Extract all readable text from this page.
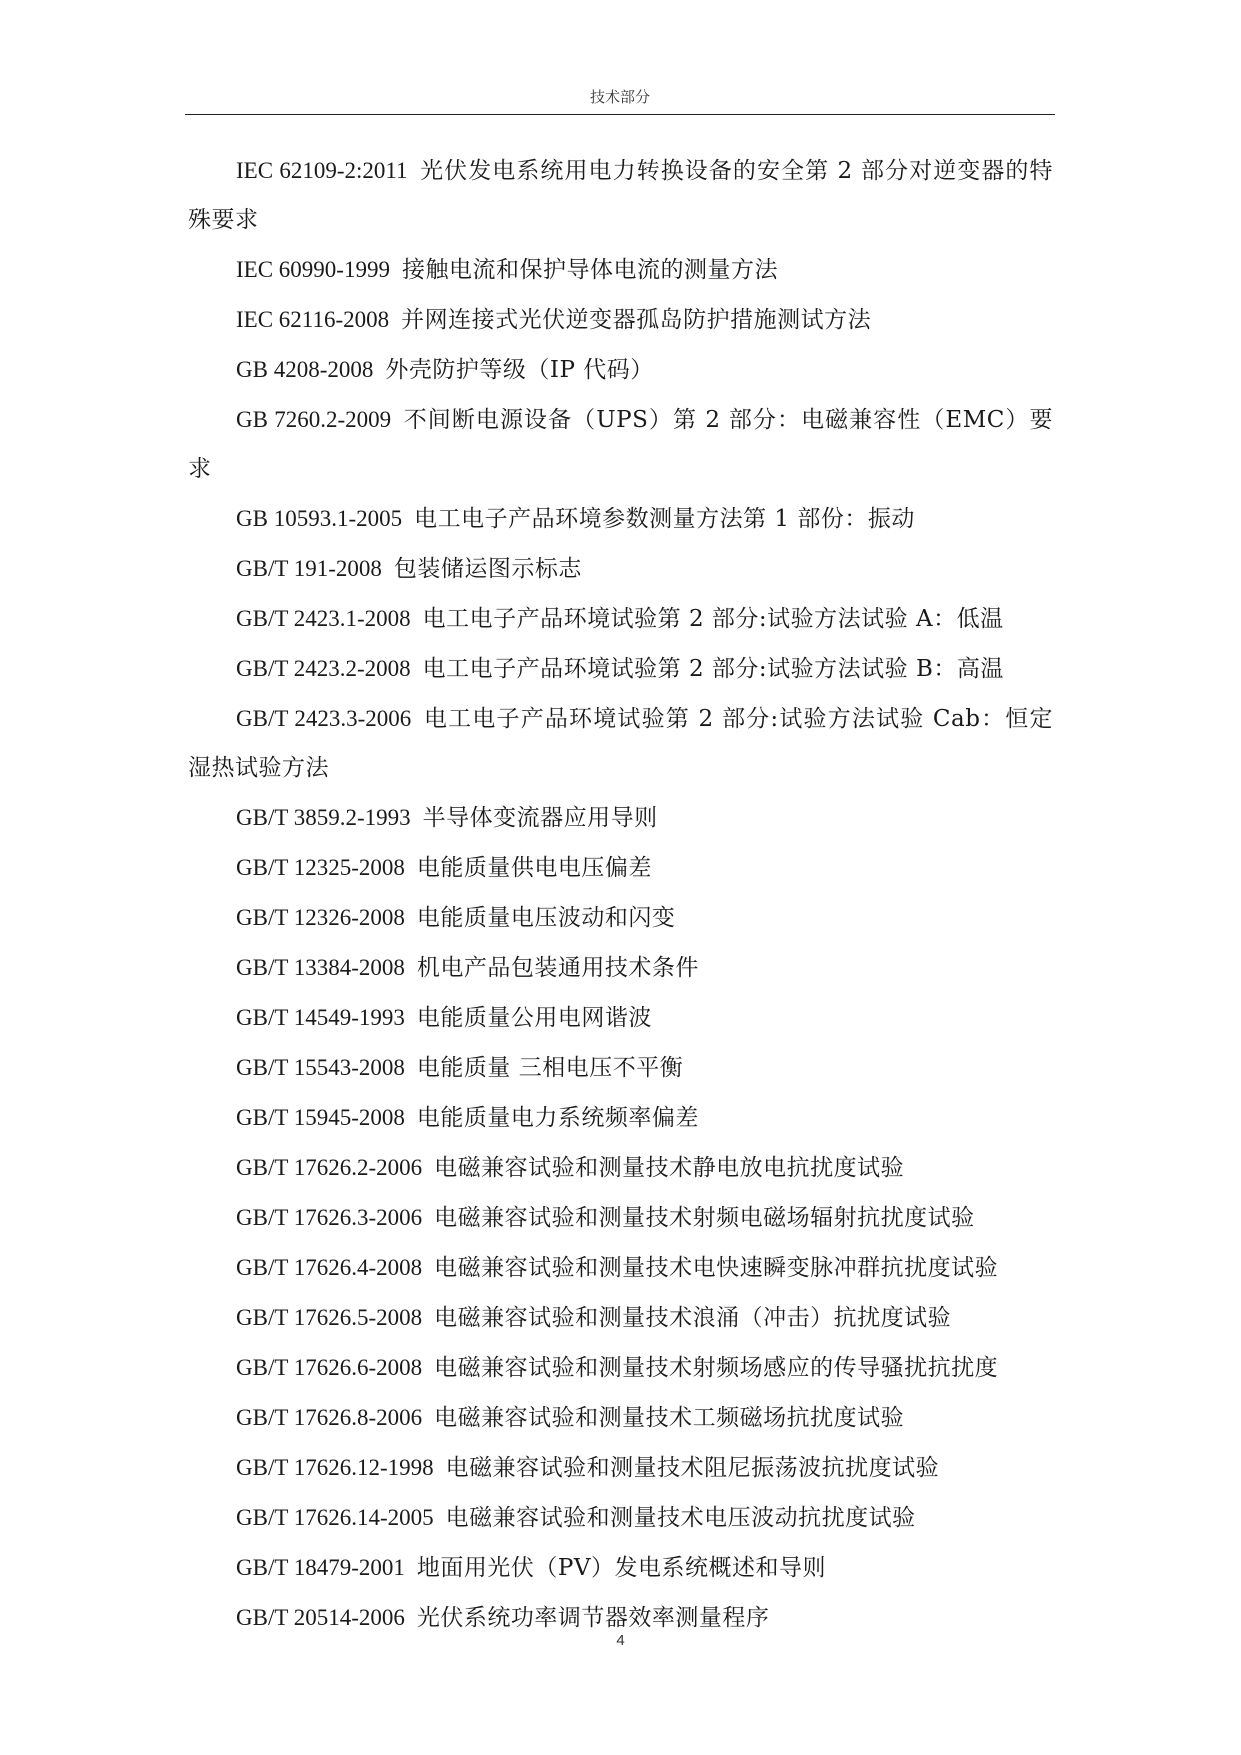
技术部分

IEC 62109-2:2011 光伏发电系统用电力转换设备的安全第 2 部分对逆变器的特殊要求

IEC 60990-1999 接触电流和保护导体电流的测量方法

IEC 62116-2008 并网连接式光伏逆变器孤岛防护措施测试方法

GB 4208-2008 外壳防护等级（IP 代码）

GB 7260.2-2009 不间断电源设备（UPS）第 2 部分：电磁兼容性（EMC）要求

GB 10593.1-2005 电工电子产品环境参数测量方法第 1 部份：振动

GB/T 191-2008 包装储运图示标志

GB/T 2423.1-2008 电工电子产品环境试验第 2 部分:试验方法试验 A：低温

GB/T 2423.2-2008 电工电子产品环境试验第 2 部分:试验方法试验 B：高温

GB/T 2423.3-2006 电工电子产品环境试验第 2 部分:试验方法试验 Cab：恒定湿热试验方法

GB/T 3859.2-1993 半导体变流器应用导则

GB/T 12325-2008 电能质量供电电压偏差

GB/T 12326-2008 电能质量电压波动和闪变

GB/T 13384-2008 机电产品包装通用技术条件

GB/T 14549-1993 电能质量公用电网谐波

GB/T 15543-2008 电能质量 三相电压不平衡

GB/T 15945-2008 电能质量电力系统频率偏差

GB/T 17626.2-2006 电磁兼容试验和测量技术静电放电抗扰度试验

GB/T 17626.3-2006 电磁兼容试验和测量技术射频电磁场辐射抗扰度试验

GB/T 17626.4-2008 电磁兼容试验和测量技术电快速瞬变脉冲群抗扰度试验

GB/T 17626.5-2008 电磁兼容试验和测量技术浪涌（冲击）抗扰度试验

GB/T 17626.6-2008 电磁兼容试验和测量技术射频场感应的传导骚扰抗扰度

GB/T 17626.8-2006 电磁兼容试验和测量技术工频磁场抗扰度试验

GB/T 17626.12-1998 电磁兼容试验和测量技术阻尼振荡波抗扰度试验

GB/T 17626.14-2005 电磁兼容试验和测量技术电压波动抗扰度试验

GB/T 18479-2001 地面用光伏（PV）发电系统概述和导则

GB/T 20514-2006 光伏系统功率调节器效率测量程序

4
